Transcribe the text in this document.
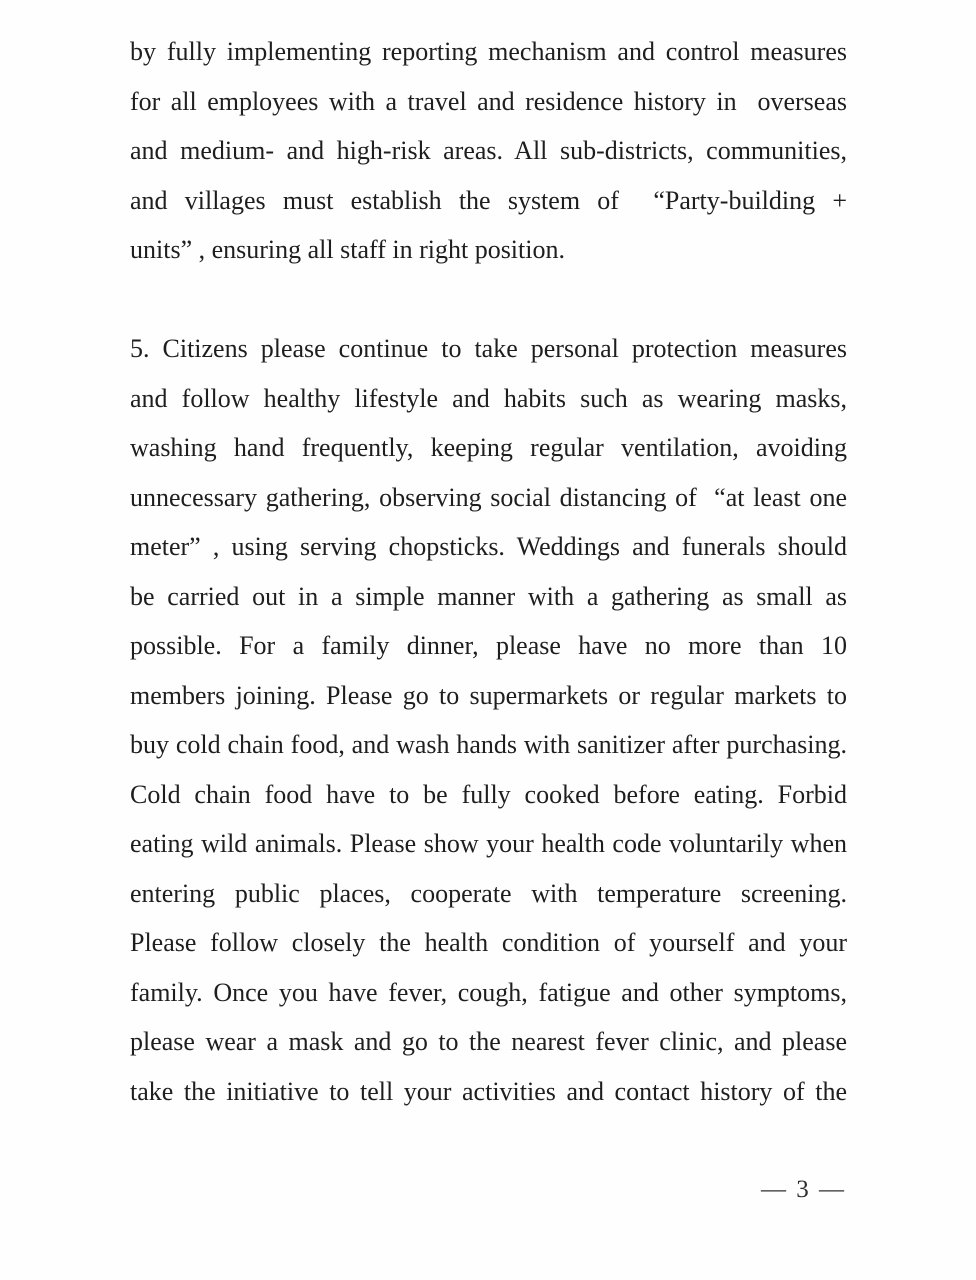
by fully implementing reporting mechanism and control measures
for all employees with a travel and residence history in  overseas
and medium- and high-risk areas. All sub-districts, communities,
and villages must establish the system of  “Party-building +
units” , ensuring all staff in right position.
5. Citizens please continue to take personal protection measures
and follow healthy lifestyle and habits such as wearing masks,
washing hand frequently, keeping regular ventilation, avoiding
unnecessary gathering, observing social distancing of  “at least one
meter” , using serving chopsticks. Weddings and funerals should
be carried out in a simple manner with a gathering as small as
possible. For a family dinner, please have no more than 10
members joining. Please go to supermarkets or regular markets to
buy cold chain food, and wash hands with sanitizer after purchasing.
Cold chain food have to be fully cooked before eating. Forbid
eating wild animals. Please show your health code voluntarily when
entering public places, cooperate with temperature screening.
Please follow closely the health condition of yourself and your
family. Once you have fever, cough, fatigue and other symptoms,
please wear a mask and go to the nearest fever clinic, and please
take the initiative to tell your activities and contact history of the
— 3 —
